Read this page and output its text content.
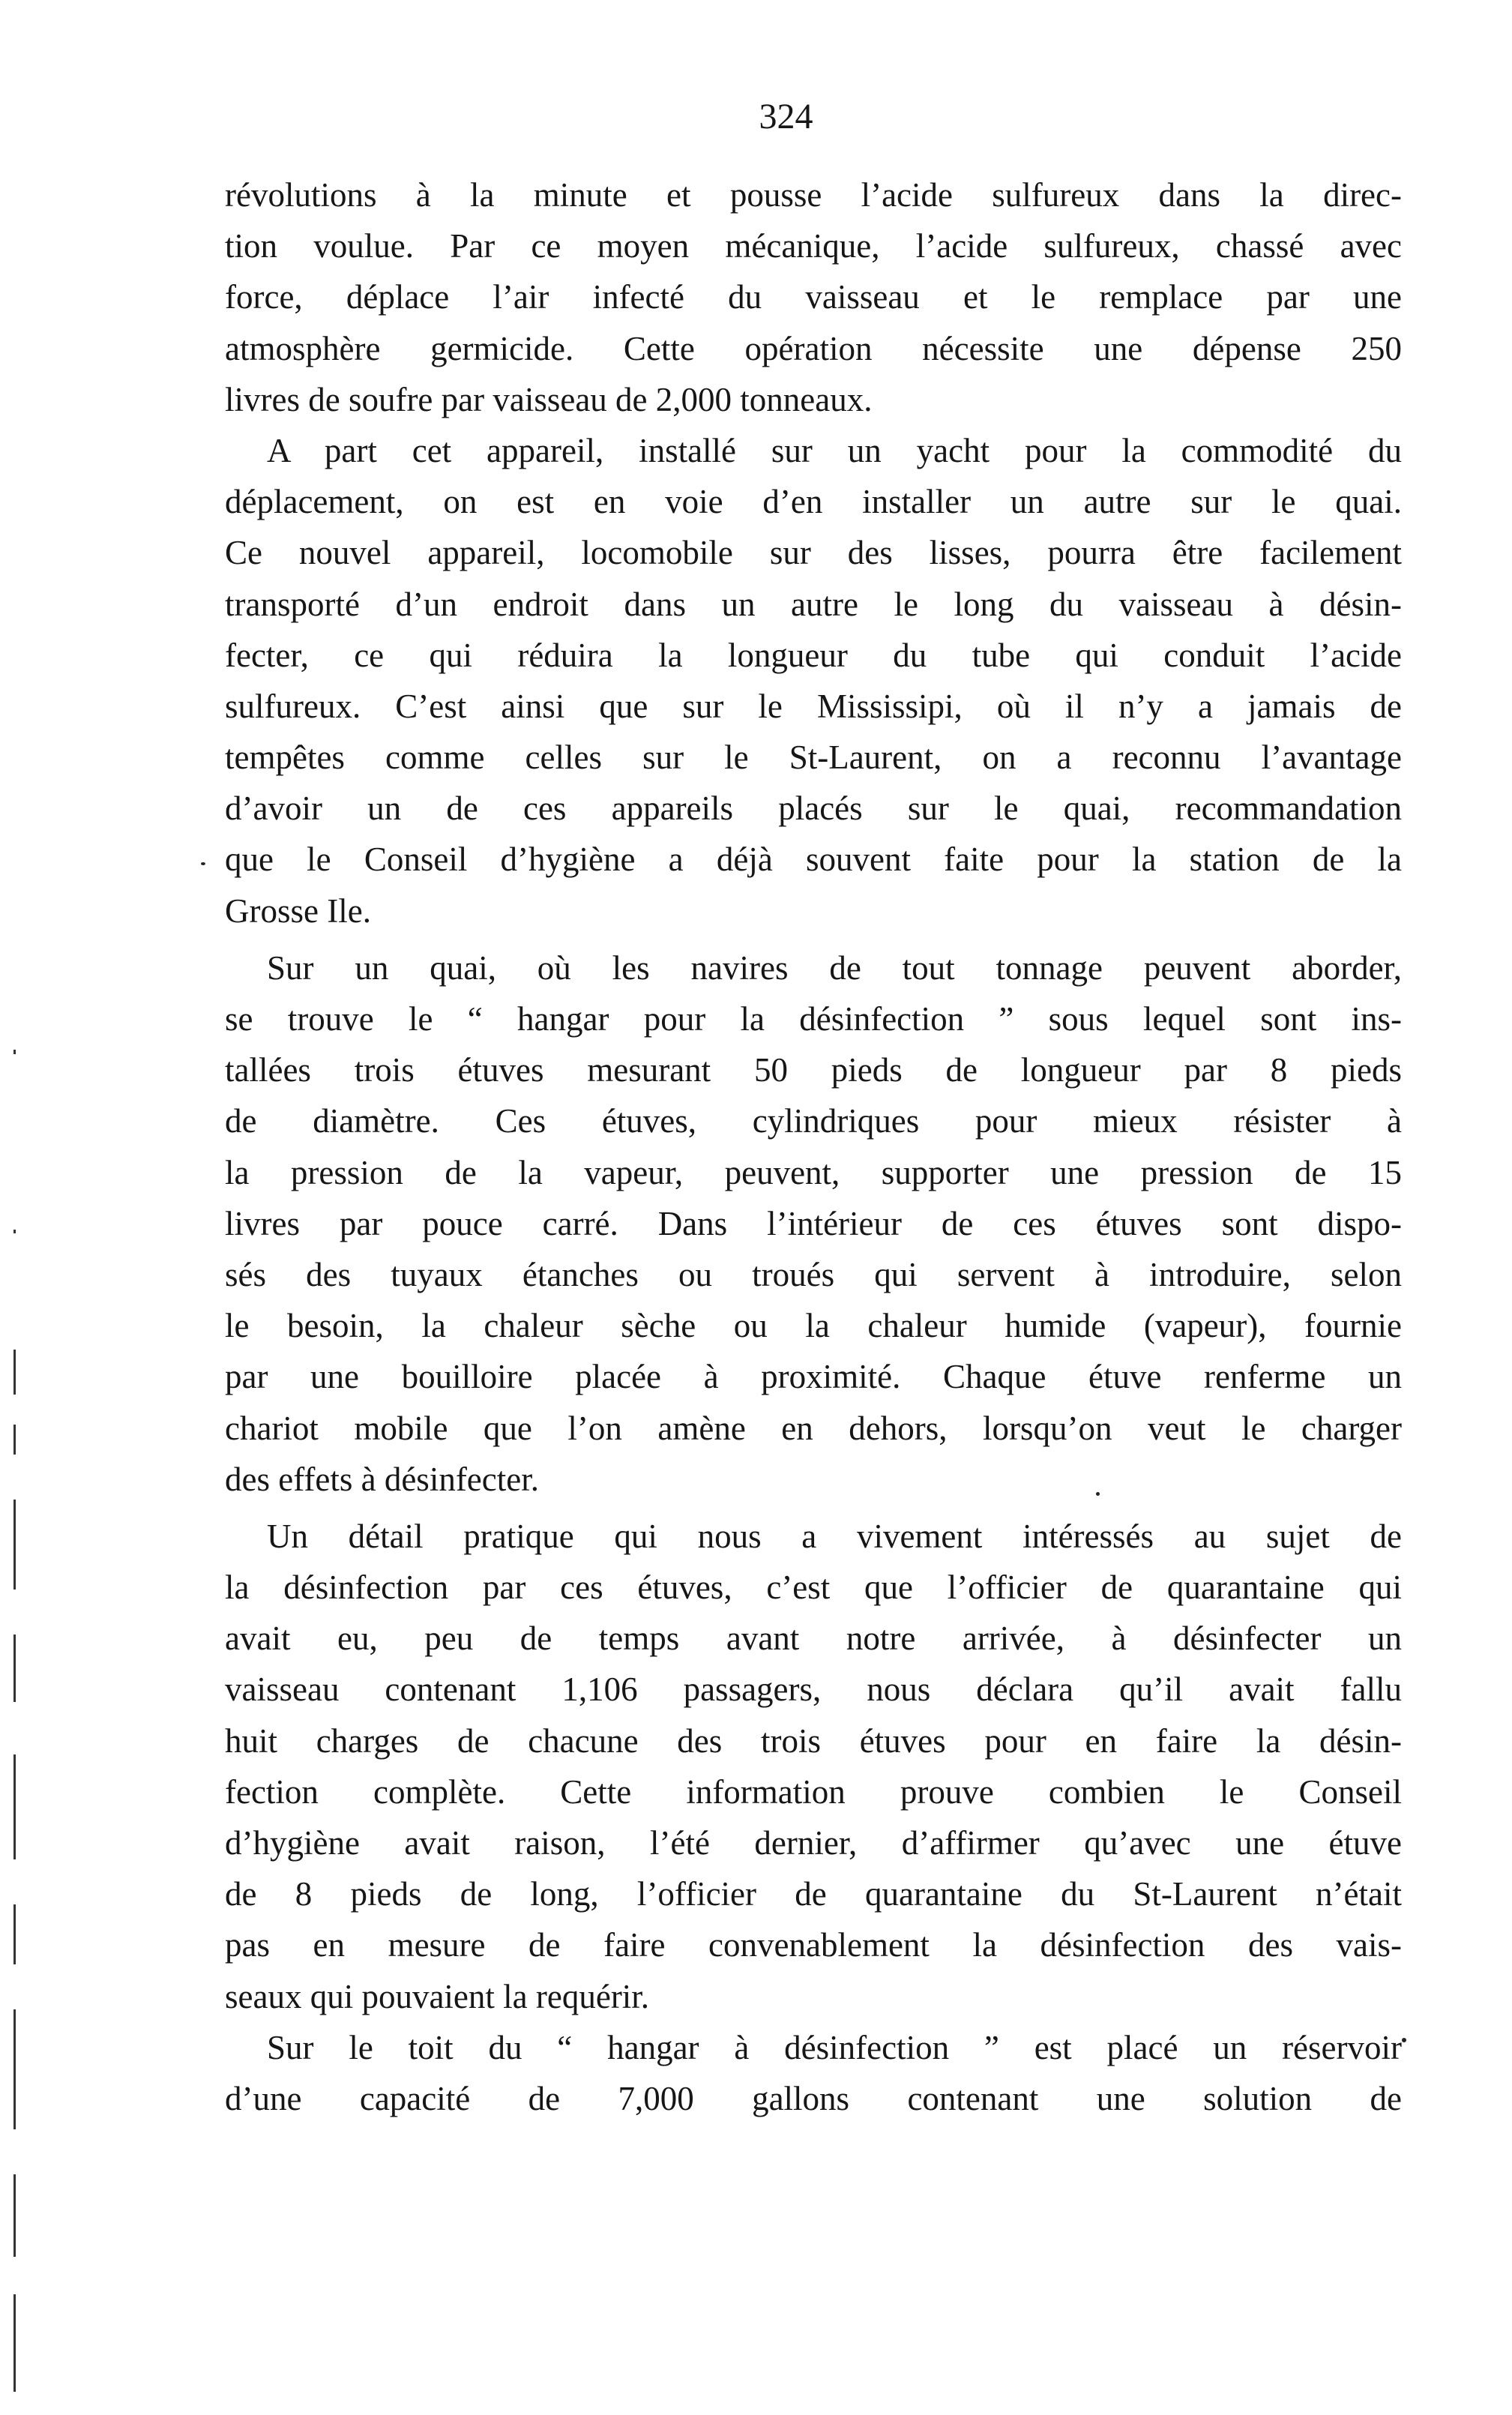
324
révolutions à la minute et pousse l’acide sulfureux dans la direc-
tion voulue. Par ce moyen mécanique, l’acide sulfureux, chassé avec
force, déplace l’air infecté du vaisseau et le remplace par une
atmosphère germicide. Cette opération nécessite une dépense 250
livres de soufre par vaisseau de 2,000 tonneaux.
A part cet appareil, installé sur un yacht pour la commodité du
déplacement, on est en voie d’en installer un autre sur le quai.
Ce nouvel appareil, locomobile sur des lisses, pourra être facilement
transporté d’un endroit dans un autre le long du vaisseau à désin-
fecter, ce qui réduira la longueur du tube qui conduit l’acide
sulfureux. C’est ainsi que sur le Mississipi, où il n’y a jamais de
tempêtes comme celles sur le St-Laurent, on a reconnu l’avantage
d’avoir un de ces appareils placés sur le quai, recommandation
que le Conseil d’hygiène a déjà souvent faite pour la station de la
Grosse Ile.
Sur un quai, où les navires de tout tonnage peuvent aborder,
se trouve le “ hangar pour la désinfection ” sous lequel sont ins-
tallées trois étuves mesurant 50 pieds de longueur par 8 pieds
de diamètre. Ces étuves, cylindriques pour mieux résister à
la pression de la vapeur, peuvent, supporter une pression de 15
livres par pouce carré. Dans l’intérieur de ces étuves sont dispo-
sés des tuyaux étanches ou troués qui servent à introduire, selon
le besoin, la chaleur sèche ou la chaleur humide (vapeur), fournie
par une bouilloire placée à proximité. Chaque étuve renferme un
chariot mobile que l’on amène en dehors, lorsqu’on veut le charger
des effets à désinfecter.
Un détail pratique qui nous a vivement intéressés au sujet de
la désinfection par ces étuves, c’est que l’officier de quarantaine qui
avait eu, peu de temps avant notre arrivée, à désinfecter un
vaisseau contenant 1,106 passagers, nous déclara qu’il avait fallu
huit charges de chacune des trois étuves pour en faire la désin-
fection complète. Cette information prouve combien le Conseil
d’hygiène avait raison, l’été dernier, d’affirmer qu’avec une étuve
de 8 pieds de long, l’officier de quarantaine du St-Laurent n’était
pas en mesure de faire convenablement la désinfection des vais-
seaux qui pouvaient la requérir.
Sur le toit du “ hangar à désinfection ” est placé un réservoir
d’une capacité de 7,000 gallons contenant une solution de
